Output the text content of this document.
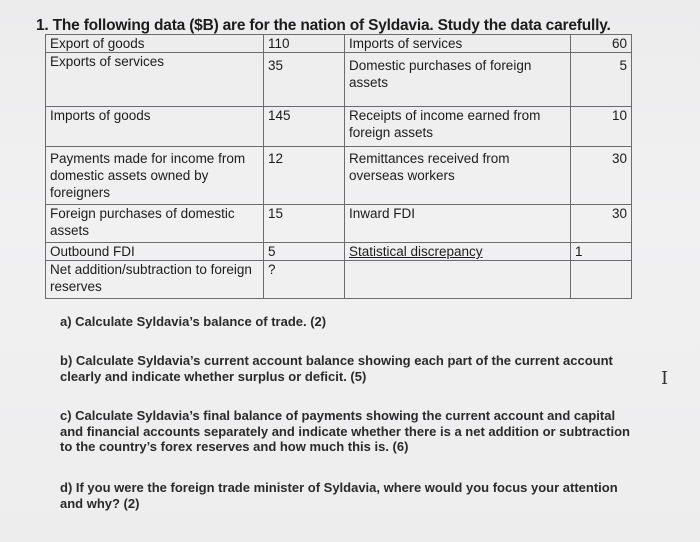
1. The following data ($B) are for the nation of Syldavia. Study the data carefully.
Export of goods	110	Imports of services	60
Exports of services	35	Domestic purchases of foreign assets	5
Imports of goods	145	Receipts of income earned from foreign assets	10
Payments made for income from domestic assets owned by foreigners	12	Remittances received from overseas workers	30
Foreign purchases of domestic assets	15	Inward FDI	30
Outbound FDI	5	Statistical discrepancy	1
Net addition/subtraction to foreign reserves	?		
a) Calculate Syldavia’s balance of trade. (2)
b) Calculate Syldavia’s current account balance showing each part of the current account clearly and indicate whether surplus or deficit. (5)
c) Calculate Syldavia’s final balance of payments showing the current account and capital and financial accounts separately and indicate whether there is a net addition or subtraction to the country’s forex reserves and how much this is. (6)
d) If you were the foreign trade minister of Syldavia, where would you focus your attention and why? (2)
I
